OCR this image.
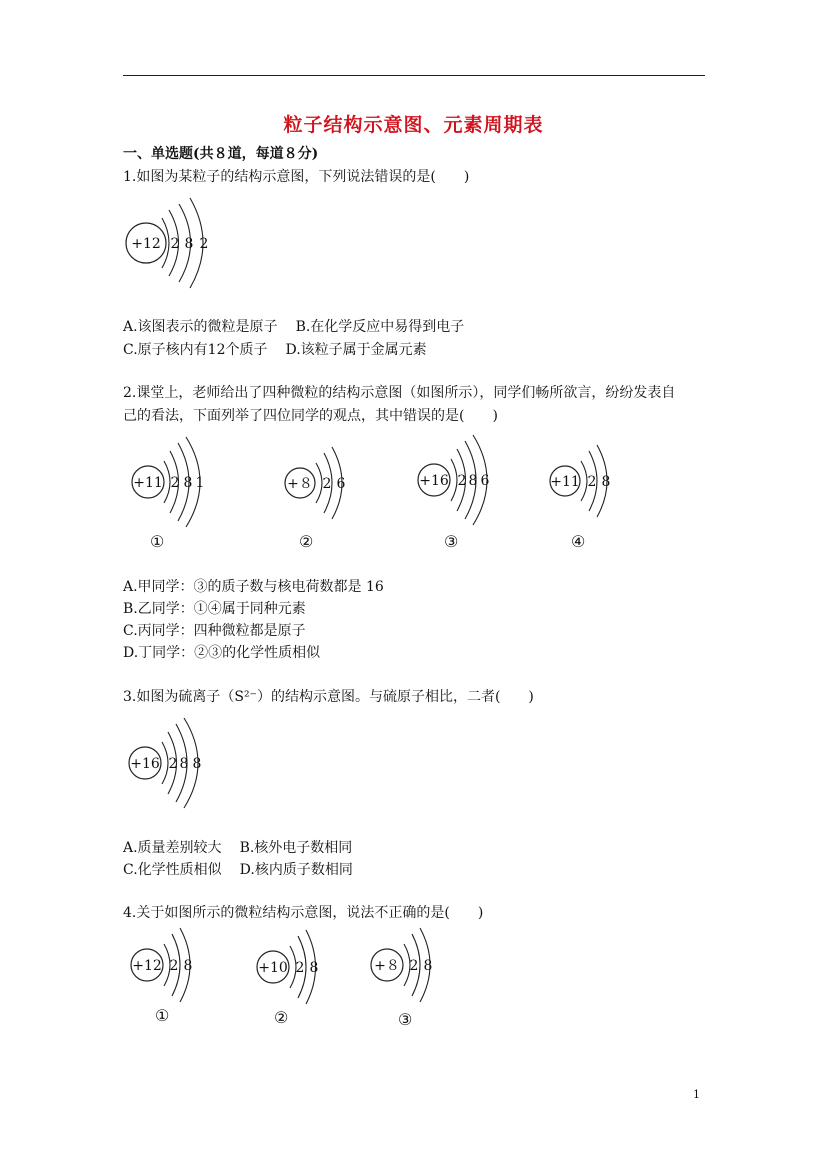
粒子结构示意图、元素周期表
一、单选题(共８道，每道８分)
1.如图为某粒子的结构示意图，下列说法错误的是(　　)
+12 2 8 2
A.该图表示的微粒是原子 B.在化学反应中易得到电子
C.原子核内有12个质子 D.该粒子属于金属元素
2.课堂上，老师给出了四种微粒的结构示意图（如图所示），同学们畅所欲言，纷纷发表自
己的看法，下面列举了四位同学的观点，其中错误的是(　　)
+11 2 8 1
①
+８ 2 6
②
+16 2 8 6
③
+11 2 8
④
A.甲同学：③的质子数与核电荷数都是 16
B.乙同学：①④属于同种元素
C.丙同学：四种微粒都是原子
D.丁同学：②③的化学性质相似
3.如图为硫离子（S²⁻）的结构示意图。与硫原子相比，二者(　　)
+16 2 8 8
A.质量差别较大 B.核外电子数相同
C.化学性质相似 D.核内质子数相同
4.关于如图所示的微粒结构示意图，说法不正确的是(　　)
+12 2 8
①
+10 2 8
②
+８ 2 8
③
1
